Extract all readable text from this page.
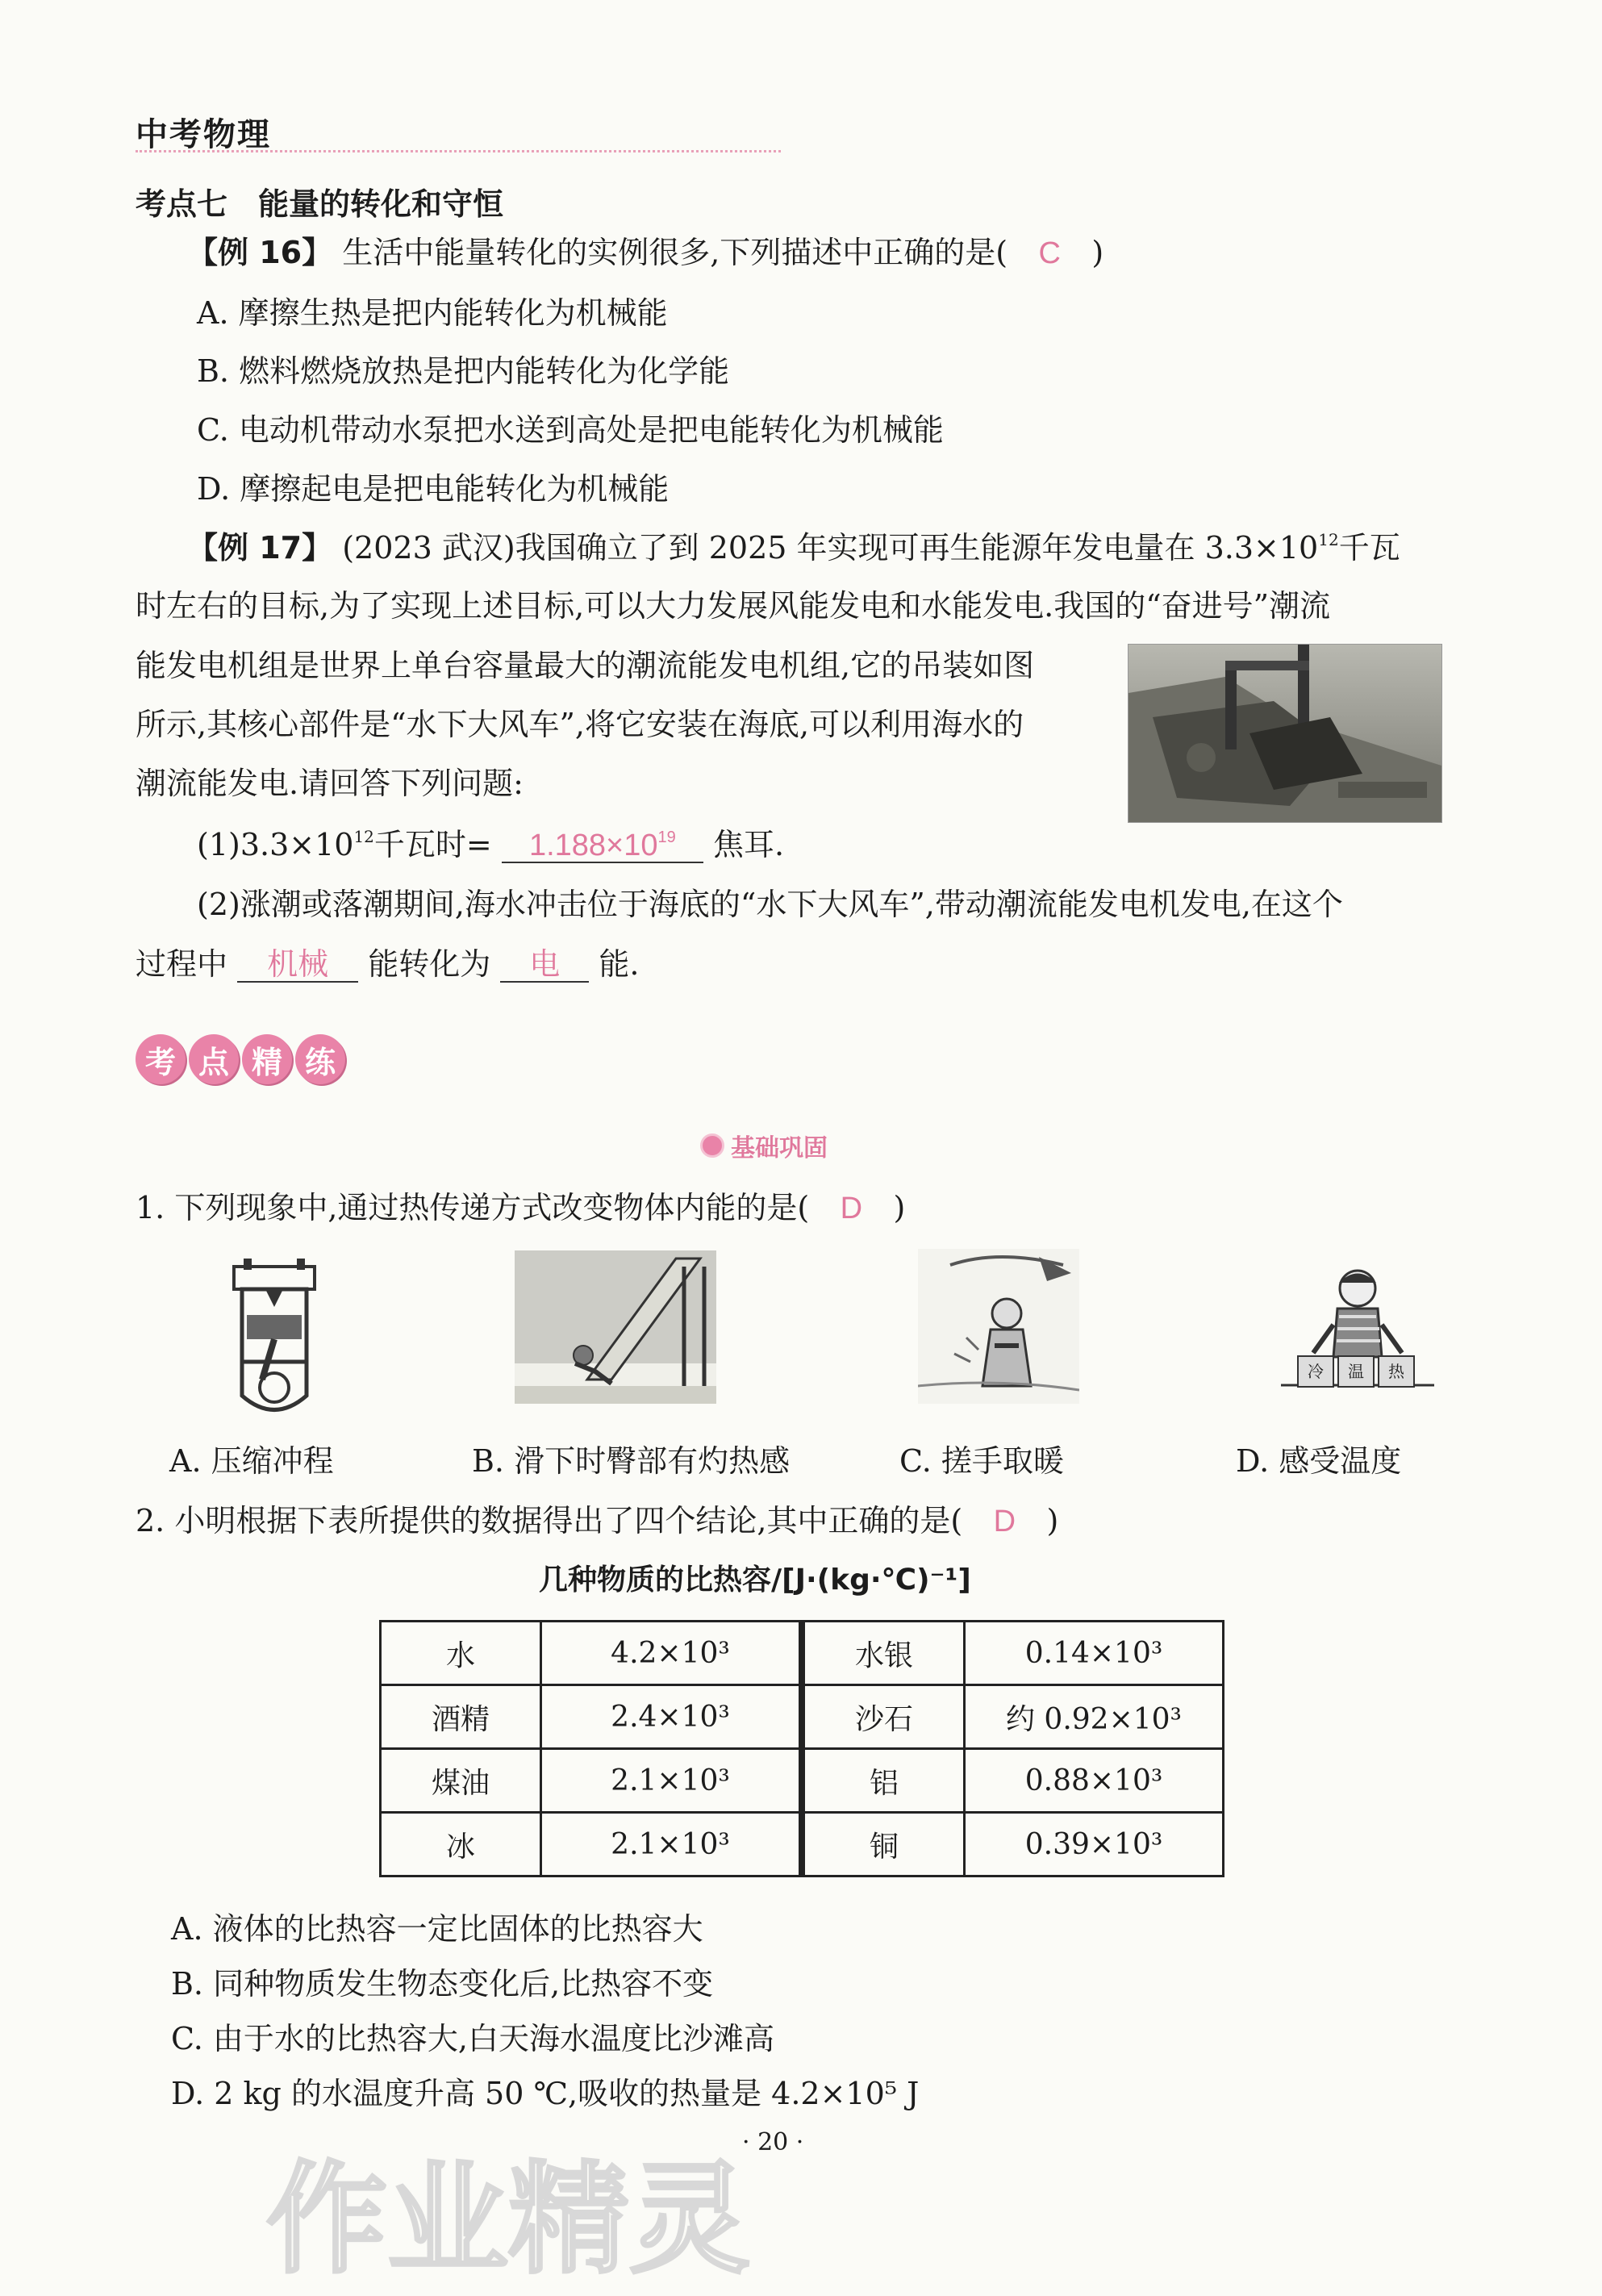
中考物理
考点七　能量的转化和守恒
【例 16】 生活中能量转化的实例很多,下列描述中正确的是( C )
A. 摩擦生热是把内能转化为机械能
B. 燃料燃烧放热是把内能转化为化学能
C. 电动机带动水泵把水送到高处是把电能转化为机械能
D. 摩擦起电是把电能转化为机械能
【例 17】 (2023 武汉)我国确立了到 2025 年实现可再生能源年发电量在 $3.3\times 10^{12}$千瓦
时左右的目标,为了实现上述目标,可以大力发展风能发电和水能发电.我国的“奋进号”潮流
能发电机组是世界上单台容量最大的潮流能发电机组,它的吊装如图
所示,其核心部件是“水下大风车”,将它安装在海底,可以利用海水的
潮流能发电.请回答下列问题:
$(1)3.3\times 10^{12}$千瓦时= $1.188\times 10^{19}$ 焦耳.
(2)涨潮或落潮期间,海水冲击位于海底的“水下大风车”,带动潮流能发电机发电,在这个
过程中 机械 能转化为 电 能.
考 点 精 练
基础巩固
1. 下列现象中,通过热传递方式改变物体内能的是( D )
冷	温	热
A. 压缩冲程	B. 滑下时臀部有灼热感	C. 搓手取暖	D. 感受温度
2. 小明根据下表所提供的数据得出了四个结论,其中正确的是( D )
几种物质的比热容/[J·(kg·℃)⁻¹]
水	4.2×10³	水银	0.14×10³
酒精	2.4×10³	沙石	约 0.92×10³
煤油	2.1×10³	铝	0.88×10³
冰	2.1×10³	铜	0.39×10³
A. 液体的比热容一定比固体的比热容大
B. 同种物质发生物态变化后,比热容不变
C. 由于水的比热容大,白天海水温度比沙滩高
D. 2 kg 的水温度升高 50 ℃,吸收的热量是 4.2×10⁵ J
· 20 ·
作业精灵
